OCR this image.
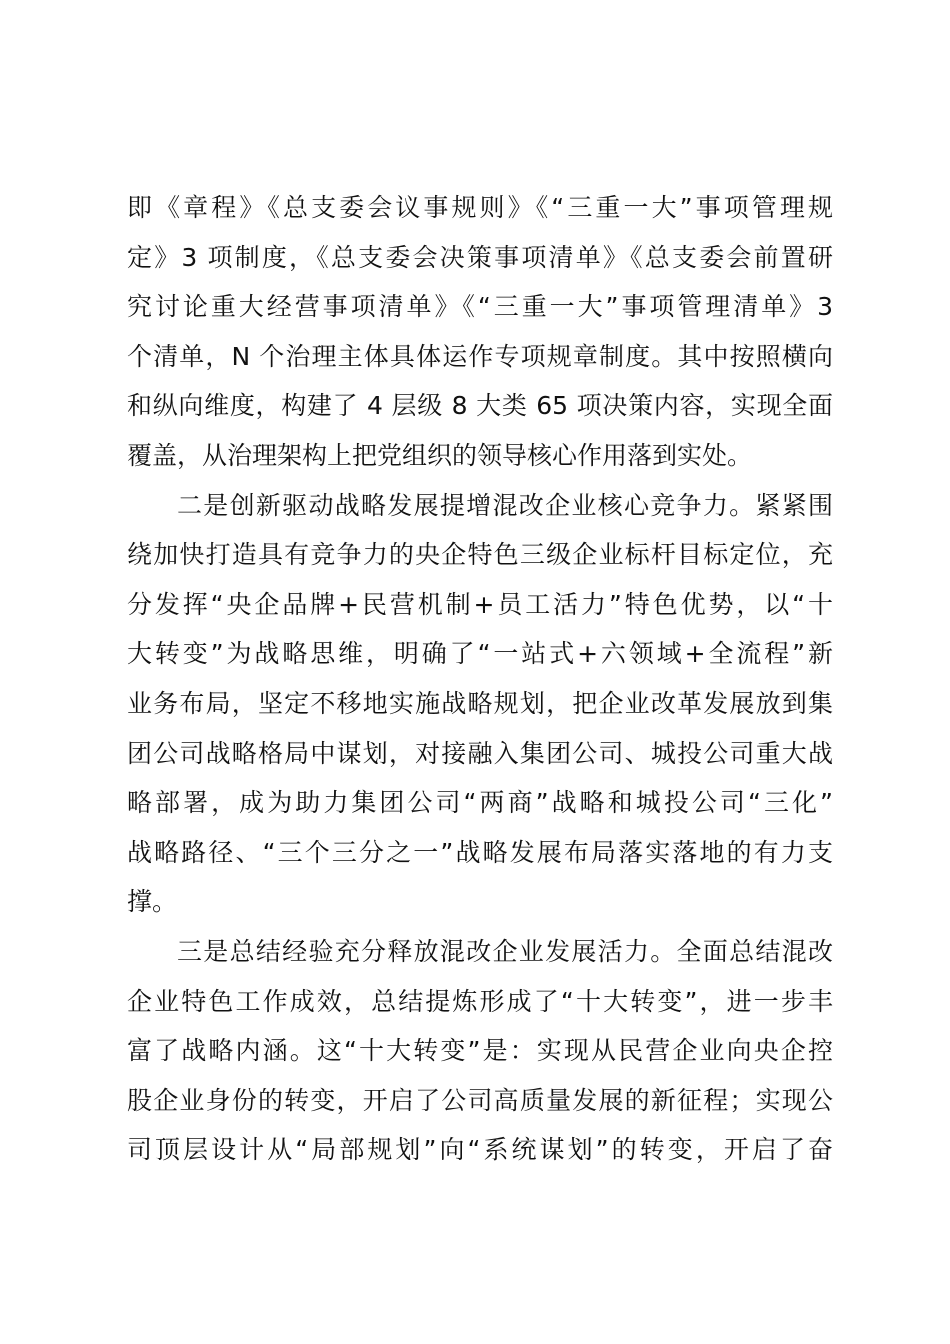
即《章程》《总支委会议事规则》《“三重一大”事项管理规
定》3 项制度，《总支委会决策事项清单》《总支委会前置研
究讨论重大经营事项清单》《“三重一大”事项管理清单》3
个清单，N 个治理主体具体运作专项规章制度。其中按照横向
和纵向维度，构建了 4 层级 8 大类 65 项决策内容，实现全面
覆盖，从治理架构上把党组织的领导核心作用落到实处。

二是创新驱动战略发展提增混改企业核心竞争力。紧紧围
绕加快打造具有竞争力的央企特色三级企业标杆目标定位，充
分发挥“央企品牌+民营机制+员工活力”特色优势，以“十
大转变”为战略思维，明确了“一站式+六领域+全流程”新
业务布局，坚定不移地实施战略规划，把企业改革发展放到集
团公司战略格局中谋划，对接融入集团公司、城投公司重大战
略部署，成为助力集团公司“两商”战略和城投公司“三化”
战略路径、“三个三分之一”战略发展布局落实落地的有力支
撑。

三是总结经验充分释放混改企业发展活力。全面总结混改
企业特色工作成效，总结提炼形成了“十大转变”，进一步丰
富了战略内涵。这“十大转变”是：实现从民营企业向央企控
股企业身份的转变，开启了公司高质量发展的新征程；实现公
司顶层设计从“局部规划”向“系统谋划”的转变，开启了奋
